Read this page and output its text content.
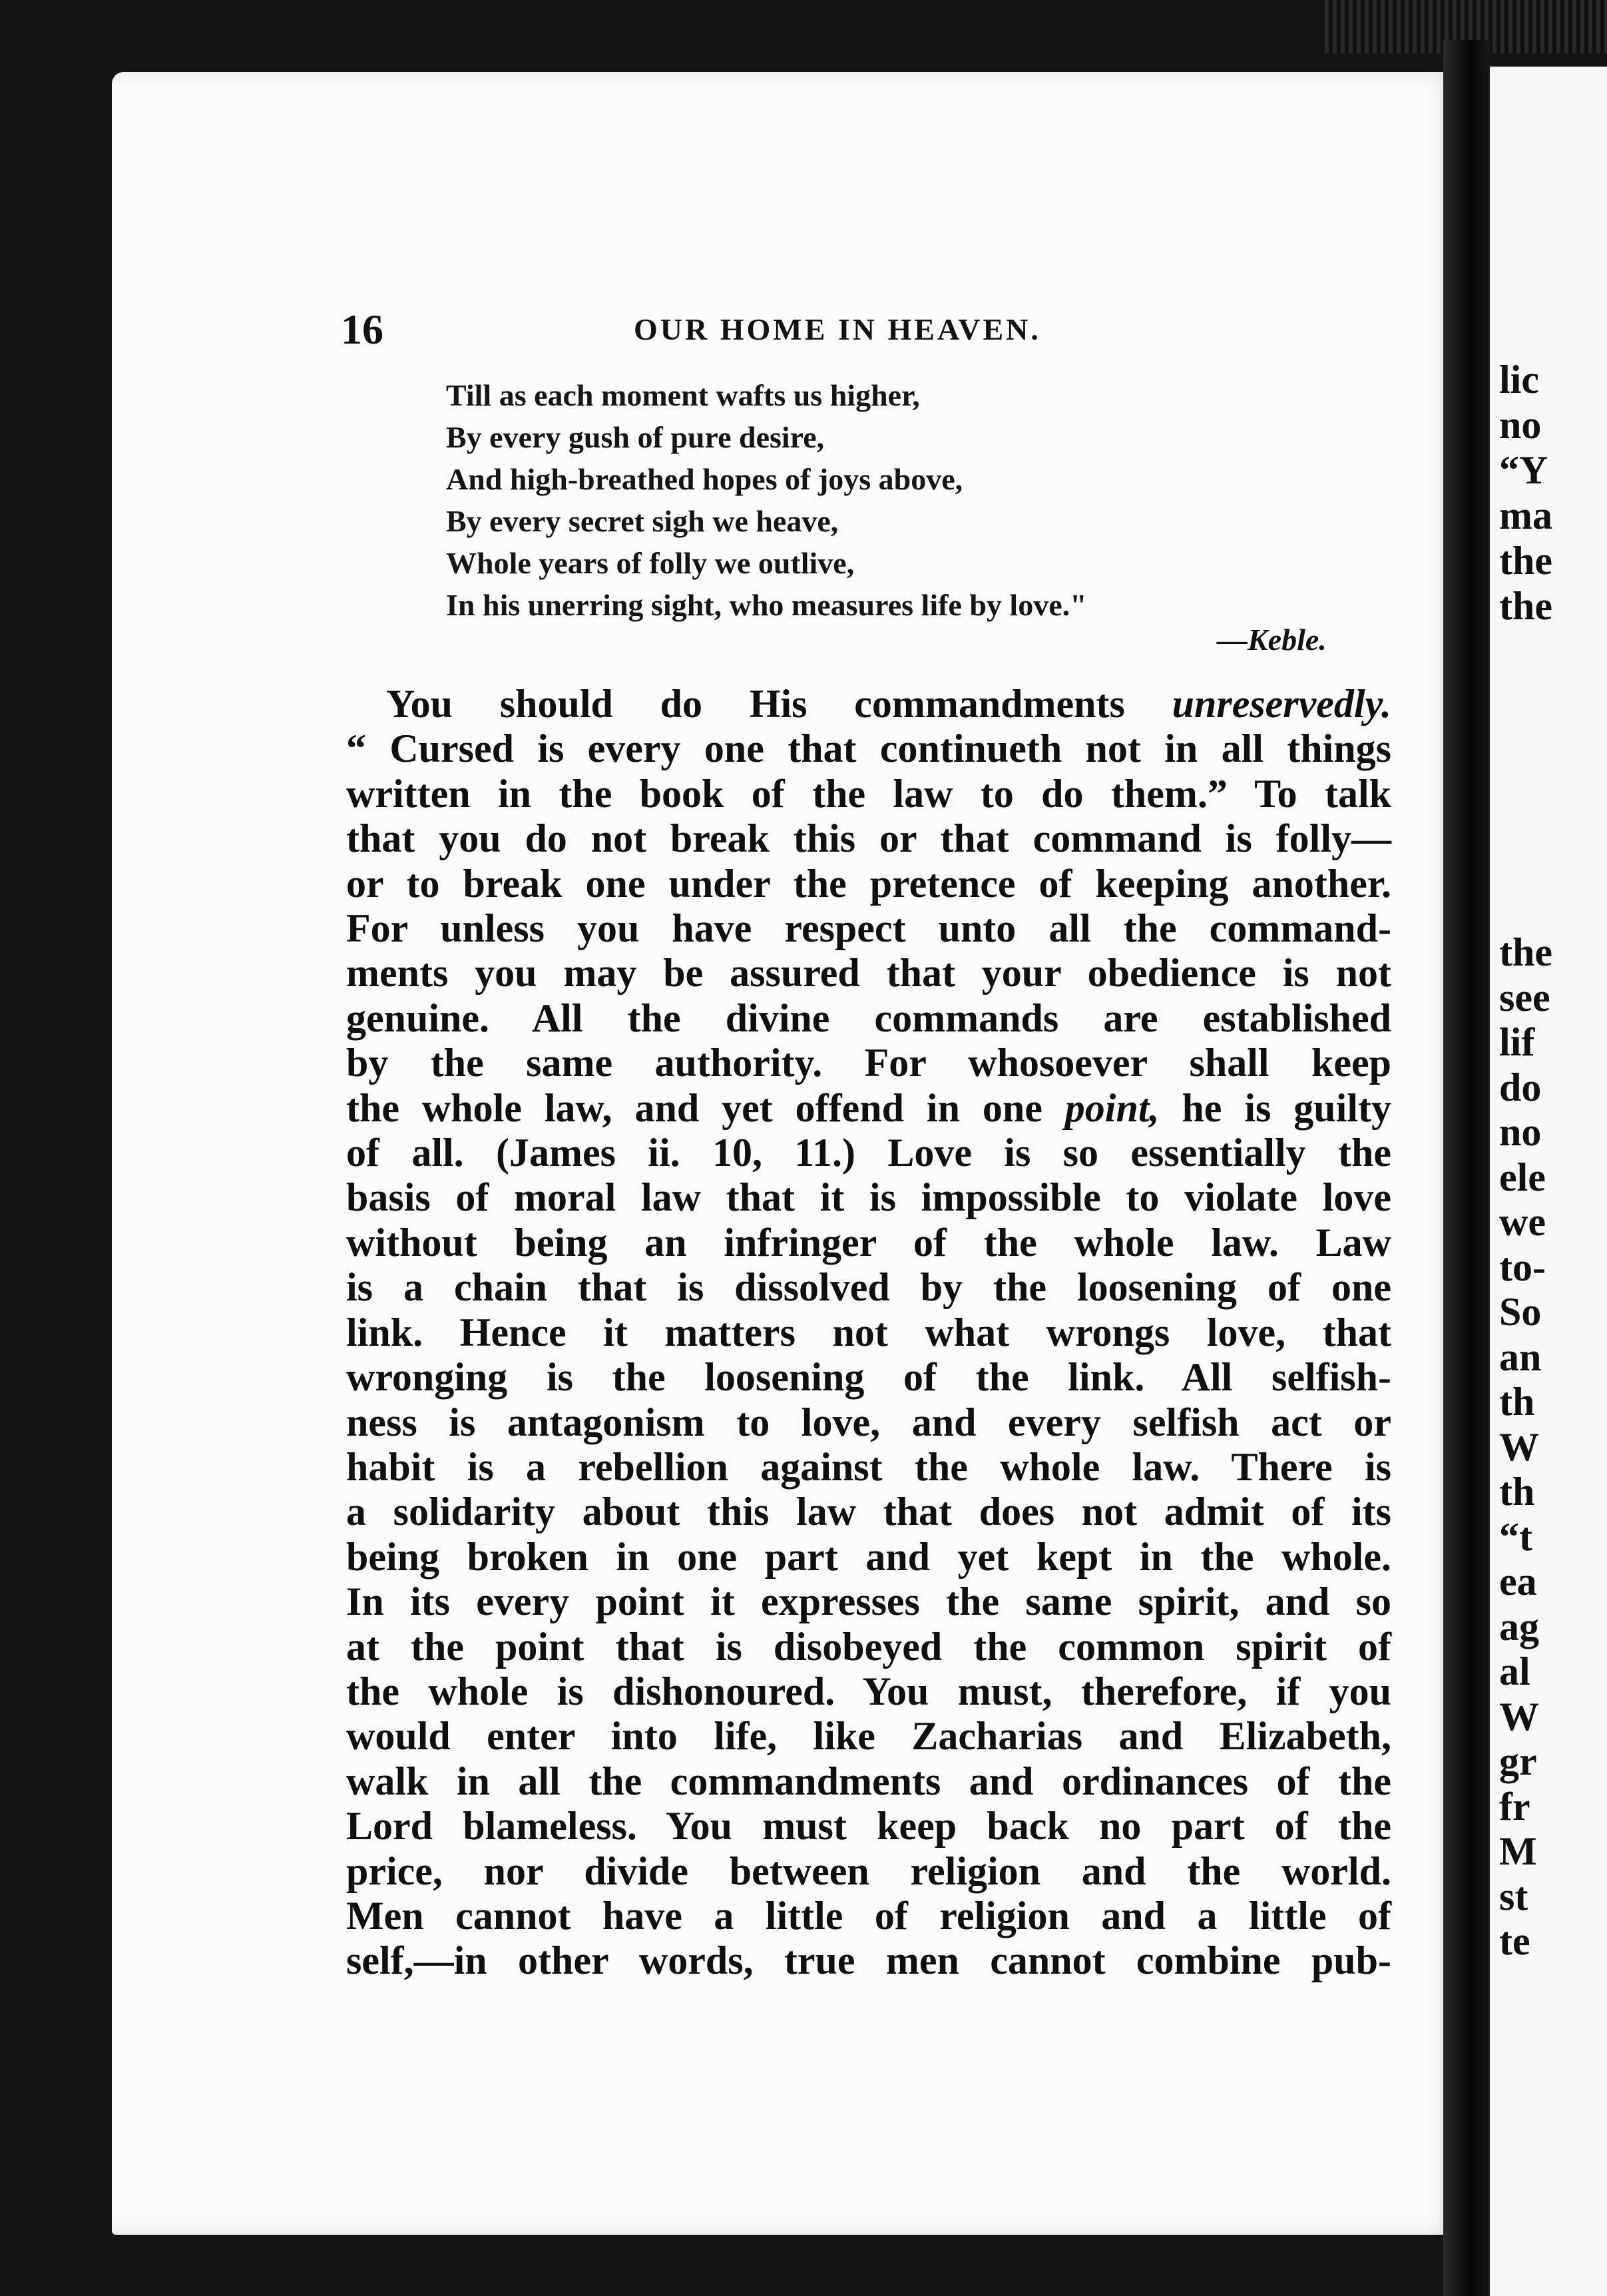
16	OUR HOME IN HEAVEN.
Till as each moment wafts us higher,
By every gush of pure desire,
And high-breathed hopes of joys above,
By every secret sigh we heave,
Whole years of folly we outlive,
In his unerring sight, who measures life by love."
—Keble.
You should do His commandments unreservedly.
“ Cursed is every one that continueth not in all things
written in the book of the law to do them.” To talk
that you do not break this or that command is folly—
or to break one under the pretence of keeping another.
For unless you have respect unto all the command-
ments you may be assured that your obedience is not
genuine. All the divine commands are established
by the same authority. For whosoever shall keep
the whole law, and yet offend in one point, he is guilty
of all. (James ii. 10, 11.) Love is so essentially the
basis of moral law that it is impossible to violate love
without being an infringer of the whole law. Law
is a chain that is dissolved by the loosening of one
link. Hence it matters not what wrongs love, that
wronging is the loosening of the link. All selfish-
ness is antagonism to love, and every selfish act or
habit is a rebellion against the whole law. There is
a solidarity about this law that does not admit of its
being broken in one part and yet kept in the whole.
In its every point it expresses the same spirit, and so
at the point that is disobeyed the common spirit of
the whole is dishonoured. You must, therefore, if you
would enter into life, like Zacharias and Elizabeth,
walk in all the commandments and ordinances of the
Lord blameless. You must keep back no part of the
price, nor divide between religion and the world.
Men cannot have a little of religion and a little of
self,—in other words, true men cannot combine pub-
lic
no
“Y
ma
the
the
the
see
lif
do
no
ele
we
to-
So
an
th
W
th
“t
ea
ag
al
W
gr
fr
M
st
te
